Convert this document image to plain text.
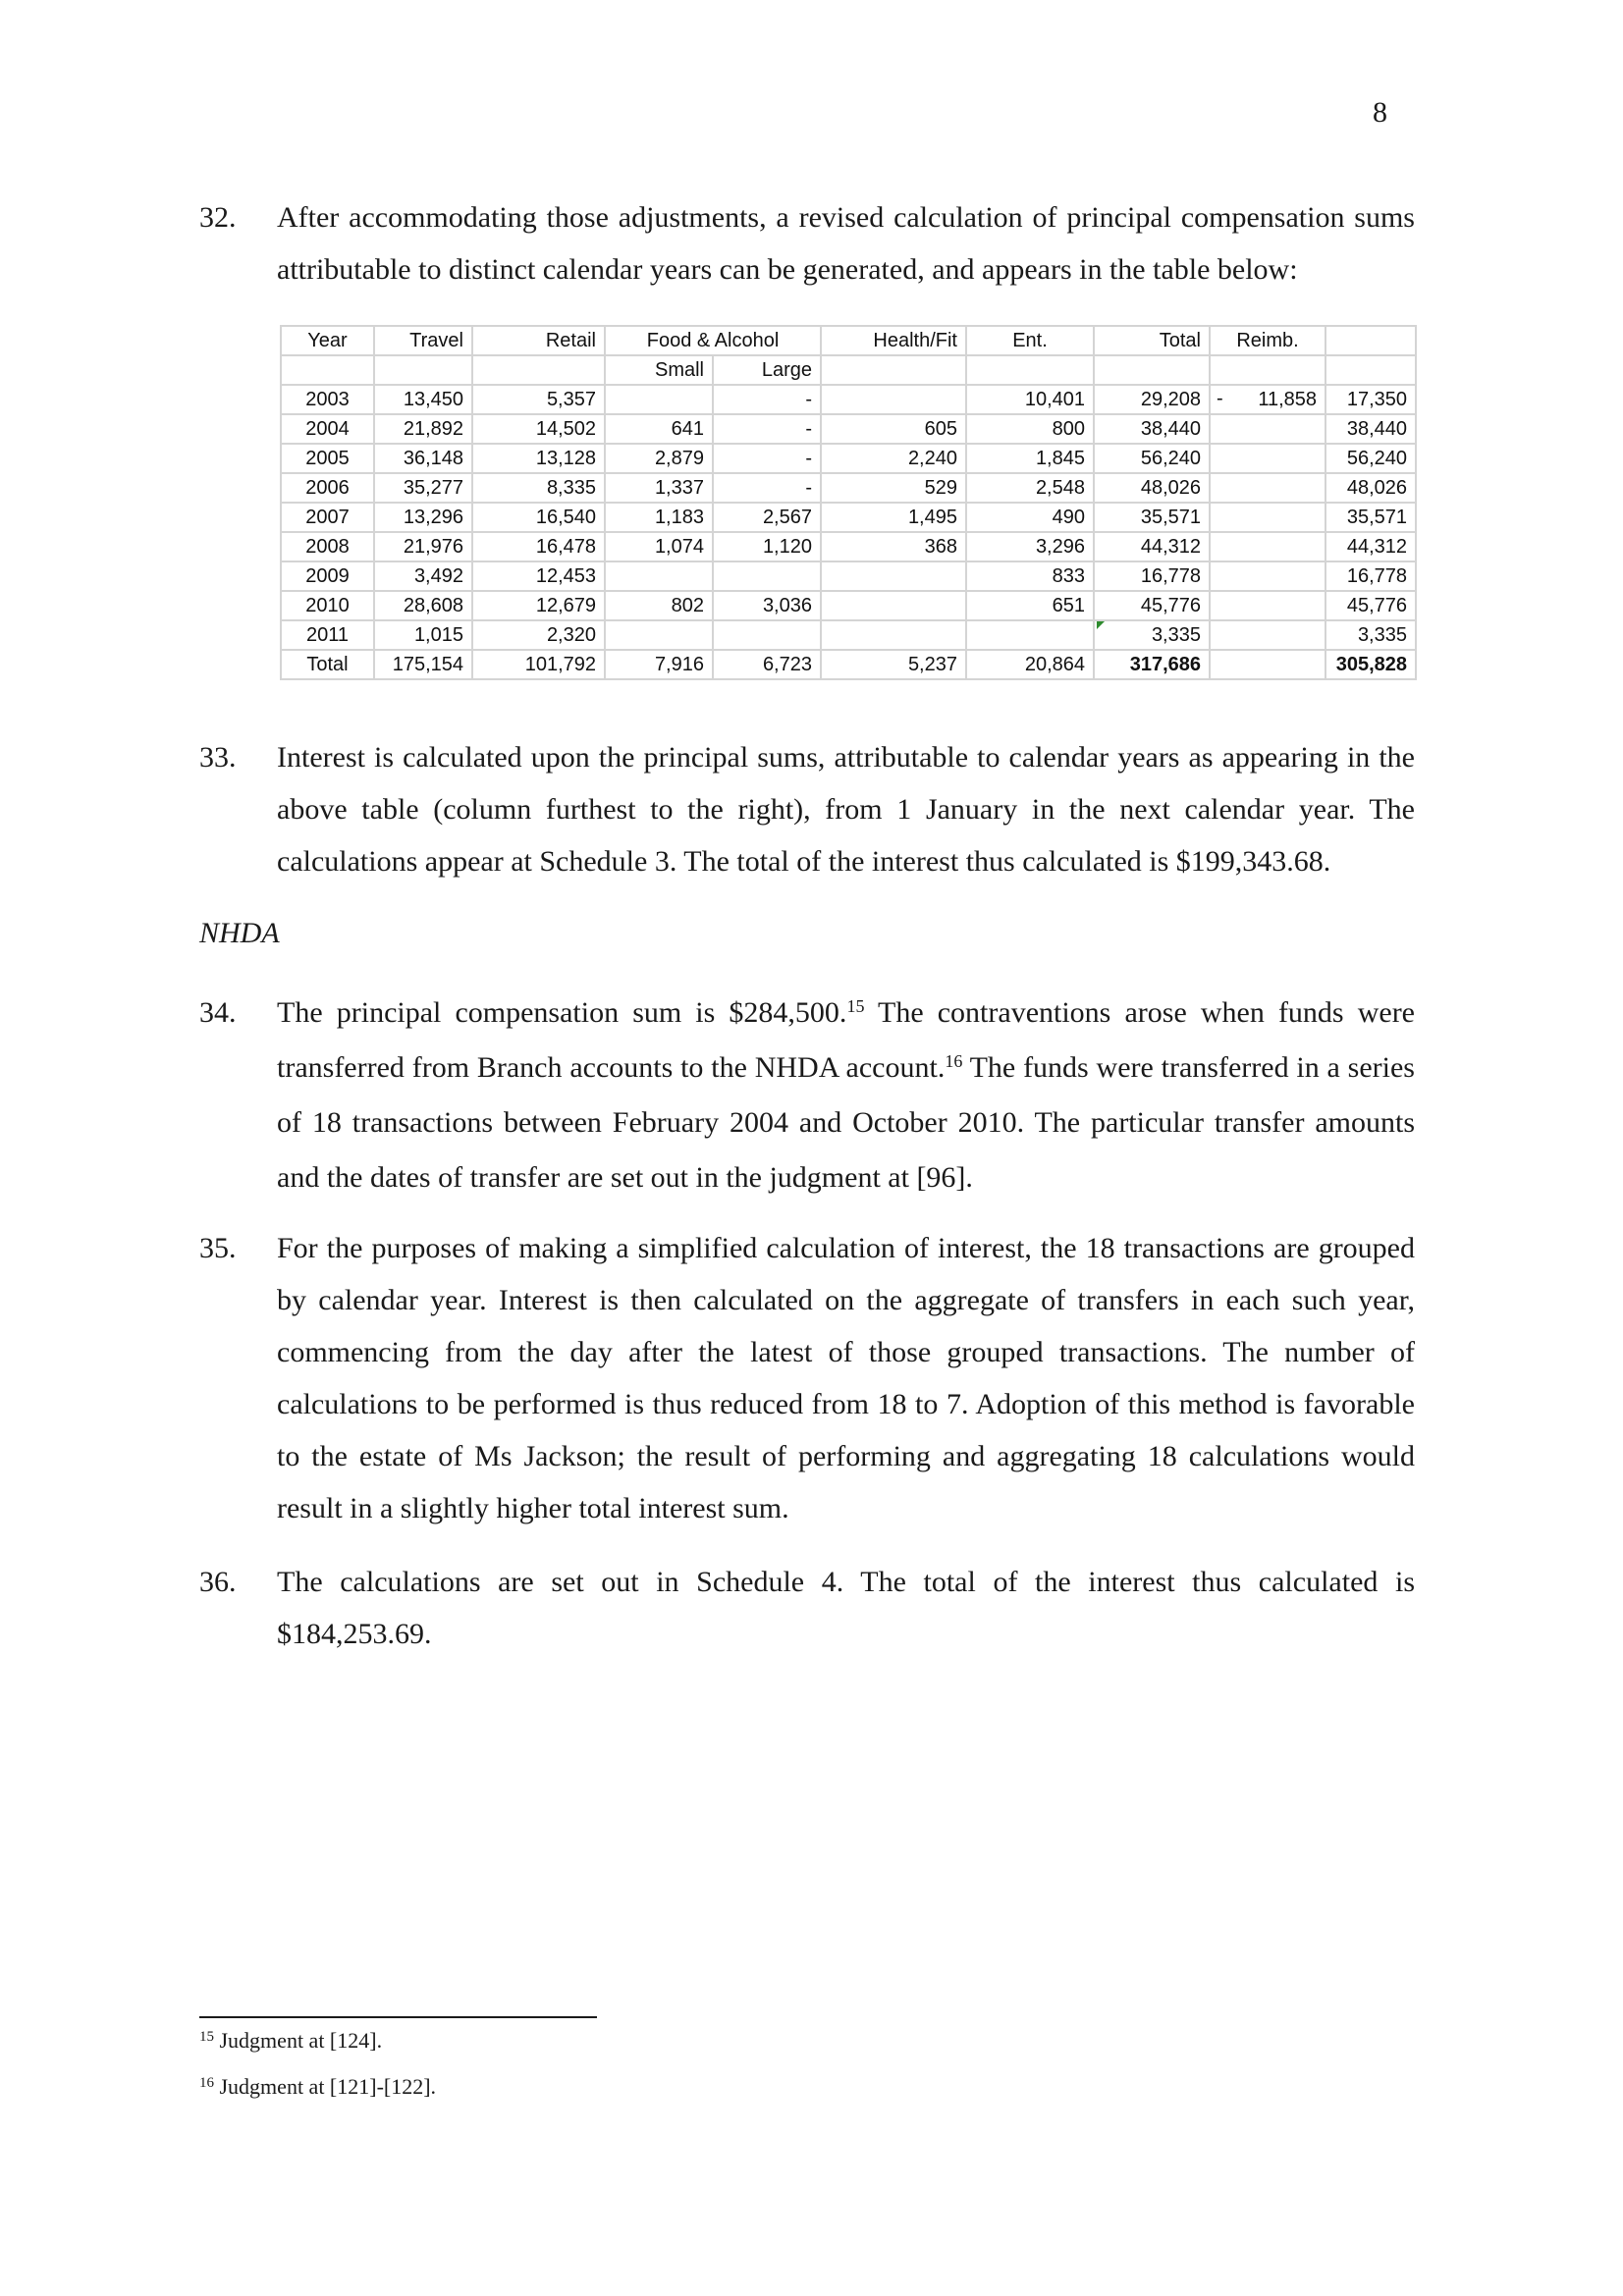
8
32. After accommodating those adjustments, a revised calculation of principal compensation sums attributable to distinct calendar years can be generated, and appears in the table below:
Year	Travel	Retail	Food & Alcohol		Health/Fit	Ent.	Total	Reimb.	
			Small	Large					
2003	13,450	5,357		-		10,401	29,208	- 11,858	17,350
2004	21,892	14,502	641	-	605	800	38,440		38,440
2005	36,148	13,128	2,879	-	2,240	1,845	56,240		56,240
2006	35,277	8,335	1,337	-	529	2,548	48,026		48,026
2007	13,296	16,540	1,183	2,567	1,495	490	35,571		35,571
2008	21,976	16,478	1,074	1,120	368	3,296	44,312		44,312
2009	3,492	12,453				833	16,778		16,778
2010	28,608	12,679	802	3,036		651	45,776		45,776
2011	1,015	2,320					3,335		3,335
Total	175,154	101,792	7,916	6,723	5,237	20,864	317,686		305,828
33. Interest is calculated upon the principal sums, attributable to calendar years as appearing in the above table (column furthest to the right), from 1 January in the next calendar year. The calculations appear at Schedule 3. The total of the interest thus calculated is $199,343.68.
NHDA
34. The principal compensation sum is $284,500.15 The contraventions arose when funds were transferred from Branch accounts to the NHDA account.$^{16}$ The funds were transferred in a series of 18 transactions between February 2004 and October 2010. The particular transfer amounts and the dates of transfer are set out in the judgment at [96].
35. For the purposes of making a simplified calculation of interest, the 18 transactions are grouped by calendar year. Interest is then calculated on the aggregate of transfers in each such year, commencing from the day after the latest of those grouped transactions. The number of calculations to be performed is thus reduced from 18 to 7. Adoption of this method is favorable to the estate of Ms Jackson; the result of performing and aggregating 18 calculations would result in a slightly higher total interest sum.
36. The calculations are set out in Schedule 4. The total of the interest thus calculated is $184,253.69.
$^{15}$ Judgment at [124].
$^{16}$ Judgment at [121]-[122].
